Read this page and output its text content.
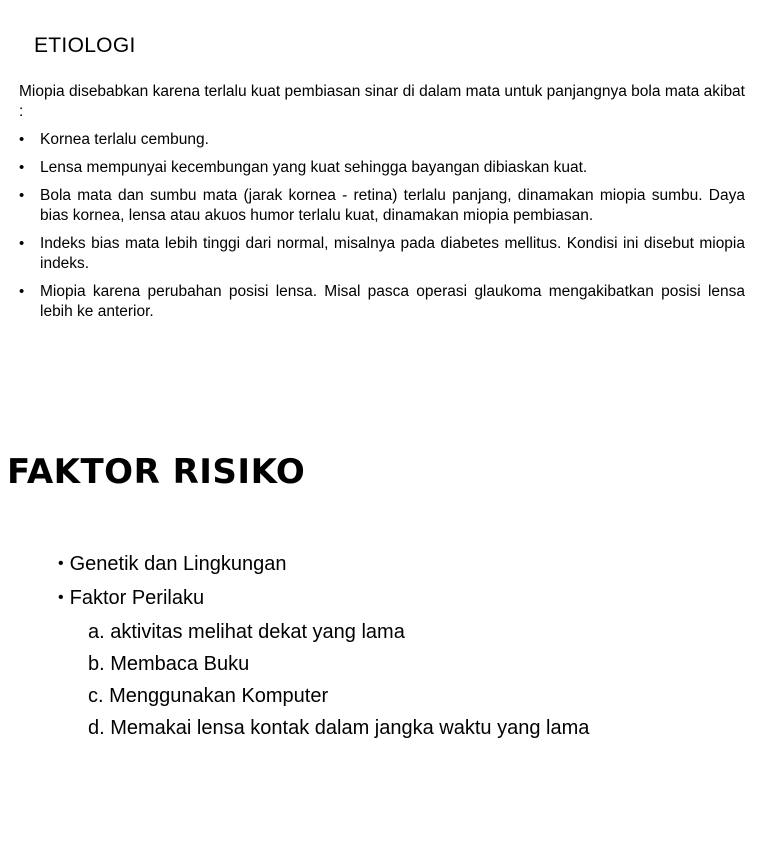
ETIOLOGI

Miopia disebabkan karena terlalu kuat pembiasan sinar di dalam mata untuk panjangnya bola mata akibat :

• Kornea terlalu cembung.
• Lensa mempunyai kecembungan yang kuat sehingga bayangan dibiaskan kuat.
• Bola mata dan sumbu mata (jarak kornea - retina) terlalu panjang, dinamakan miopia sumbu. Daya bias kornea, lensa atau akuos humor terlalu kuat, dinamakan miopia pembiasan.
• Indeks bias mata lebih tinggi dari normal, misalnya pada diabetes mellitus. Kondisi ini disebut miopia indeks.
• Miopia karena perubahan posisi lensa. Misal pasca operasi glaukoma mengakibatkan posisi lensa lebih ke anterior.
FAKTOR RISIKO
• Genetik dan Lingkungan
• Faktor Perilaku
a. aktivitas melihat dekat yang lama
b. Membaca Buku
c. Menggunakan Komputer
d. Memakai lensa kontak dalam jangka waktu yang lama
